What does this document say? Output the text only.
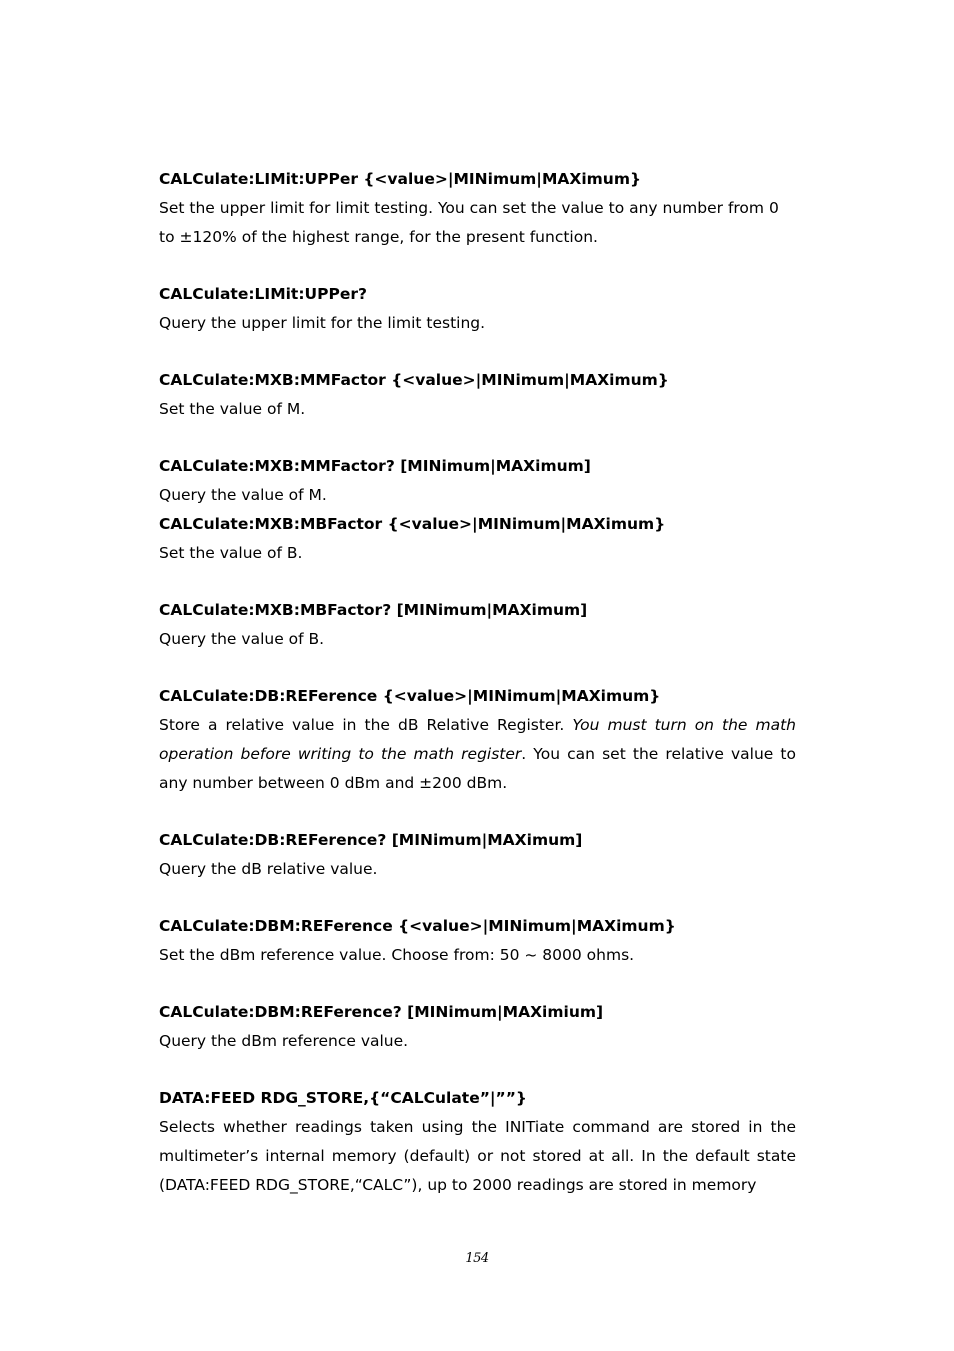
CALCulate:LIMit:UPPer {<value>|MINimum|MAXimum}
Set the upper limit for limit testing. You can set the value to any number from 0
to ±120% of the highest range, for the present function.
CALCulate:LIMit:UPPer?
Query the upper limit for the limit testing.
CALCulate:MXB:MMFactor {<value>|MINimum|MAXimum}
Set the value of M.
CALCulate:MXB:MMFactor? [MINimum|MAXimum]
Query the value of M.
CALCulate:MXB:MBFactor {<value>|MINimum|MAXimum}
Set the value of B.
CALCulate:MXB:MBFactor? [MINimum|MAXimum]
Query the value of B.
CALCulate:DB:REFerence {<value>|MINimum|MAXimum}
Store a relative value in the dB Relative Register. You must turn on the math operation before writing to the math register. You can set the relative value to any number between 0 dBm and ±200 dBm.
CALCulate:DB:REFerence? [MINimum|MAXimum]
Query the dB relative value.
CALCulate:DBM:REFerence {<value>|MINimum|MAXimum}
Set the dBm reference value. Choose from: 50 ~ 8000 ohms.
CALCulate:DBM:REFerence? [MINimum|MAXimium]
Query the dBm reference value.
DATA:FEED RDG_STORE,{“CALCulate”|””}
Selects whether readings taken using the INITiate command are stored in the multimeter’s internal memory (default) or not stored at all. In the default state (DATA:FEED RDG_STORE,“CALC”), up to 2000 readings are stored in memory
154
